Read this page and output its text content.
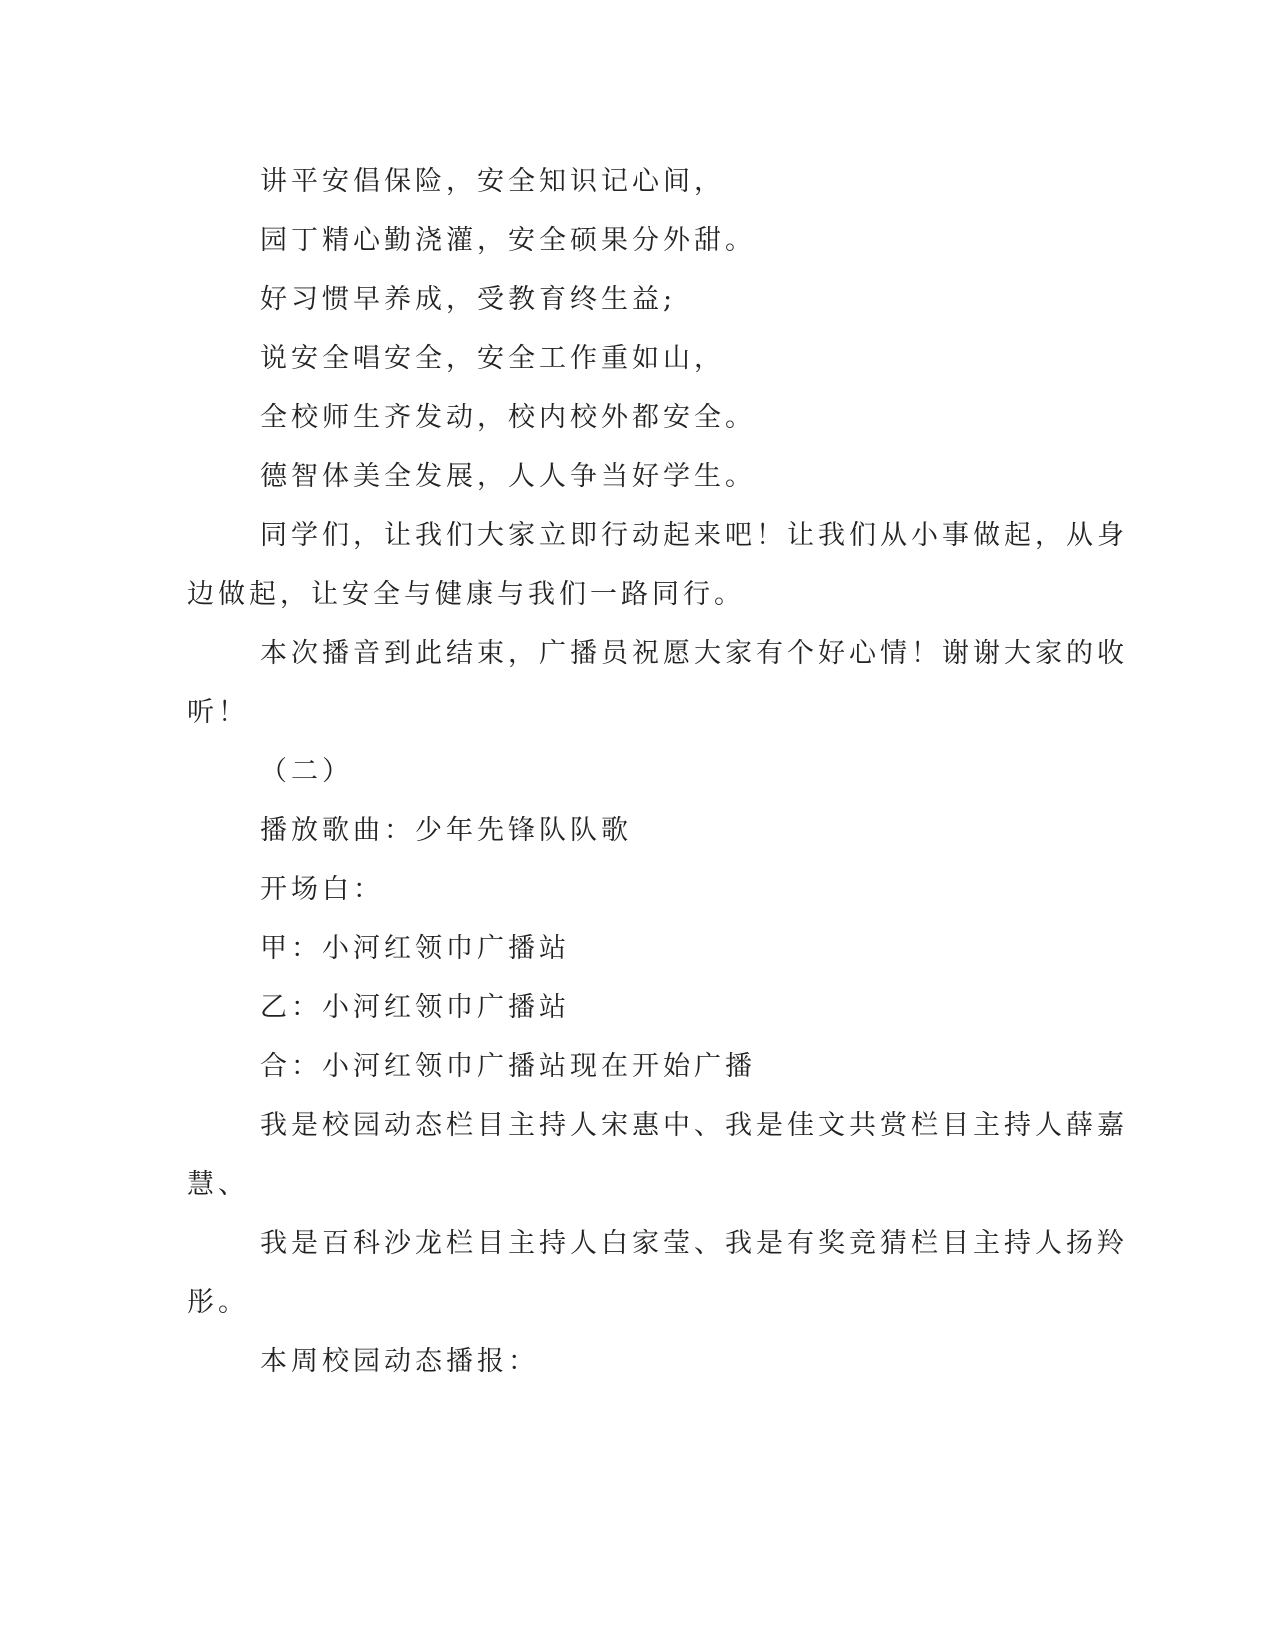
讲平安倡保险，安全知识记心间，
园丁精心勤浇灌，安全硕果分外甜。
好习惯早养成，受教育终生益;
说安全唱安全，安全工作重如山，
全校师生齐发动，校内校外都安全。
德智体美全发展，人人争当好学生。
同学们，让我们大家立即行动起来吧！让我们从小事做起，从身
边做起，让安全与健康与我们一路同行。
本次播音到此结束，广播员祝愿大家有个好心情！谢谢大家的收
听！
（二）
播放歌曲：少年先锋队队歌
开场白：
甲：小河红领巾广播站
乙：小河红领巾广播站
合：小河红领巾广播站现在开始广播
我是校园动态栏目主持人宋惠中、我是佳文共赏栏目主持人薛嘉
慧、
我是百科沙龙栏目主持人白家莹、我是有奖竞猜栏目主持人扬羚
彤。
本周校园动态播报：
